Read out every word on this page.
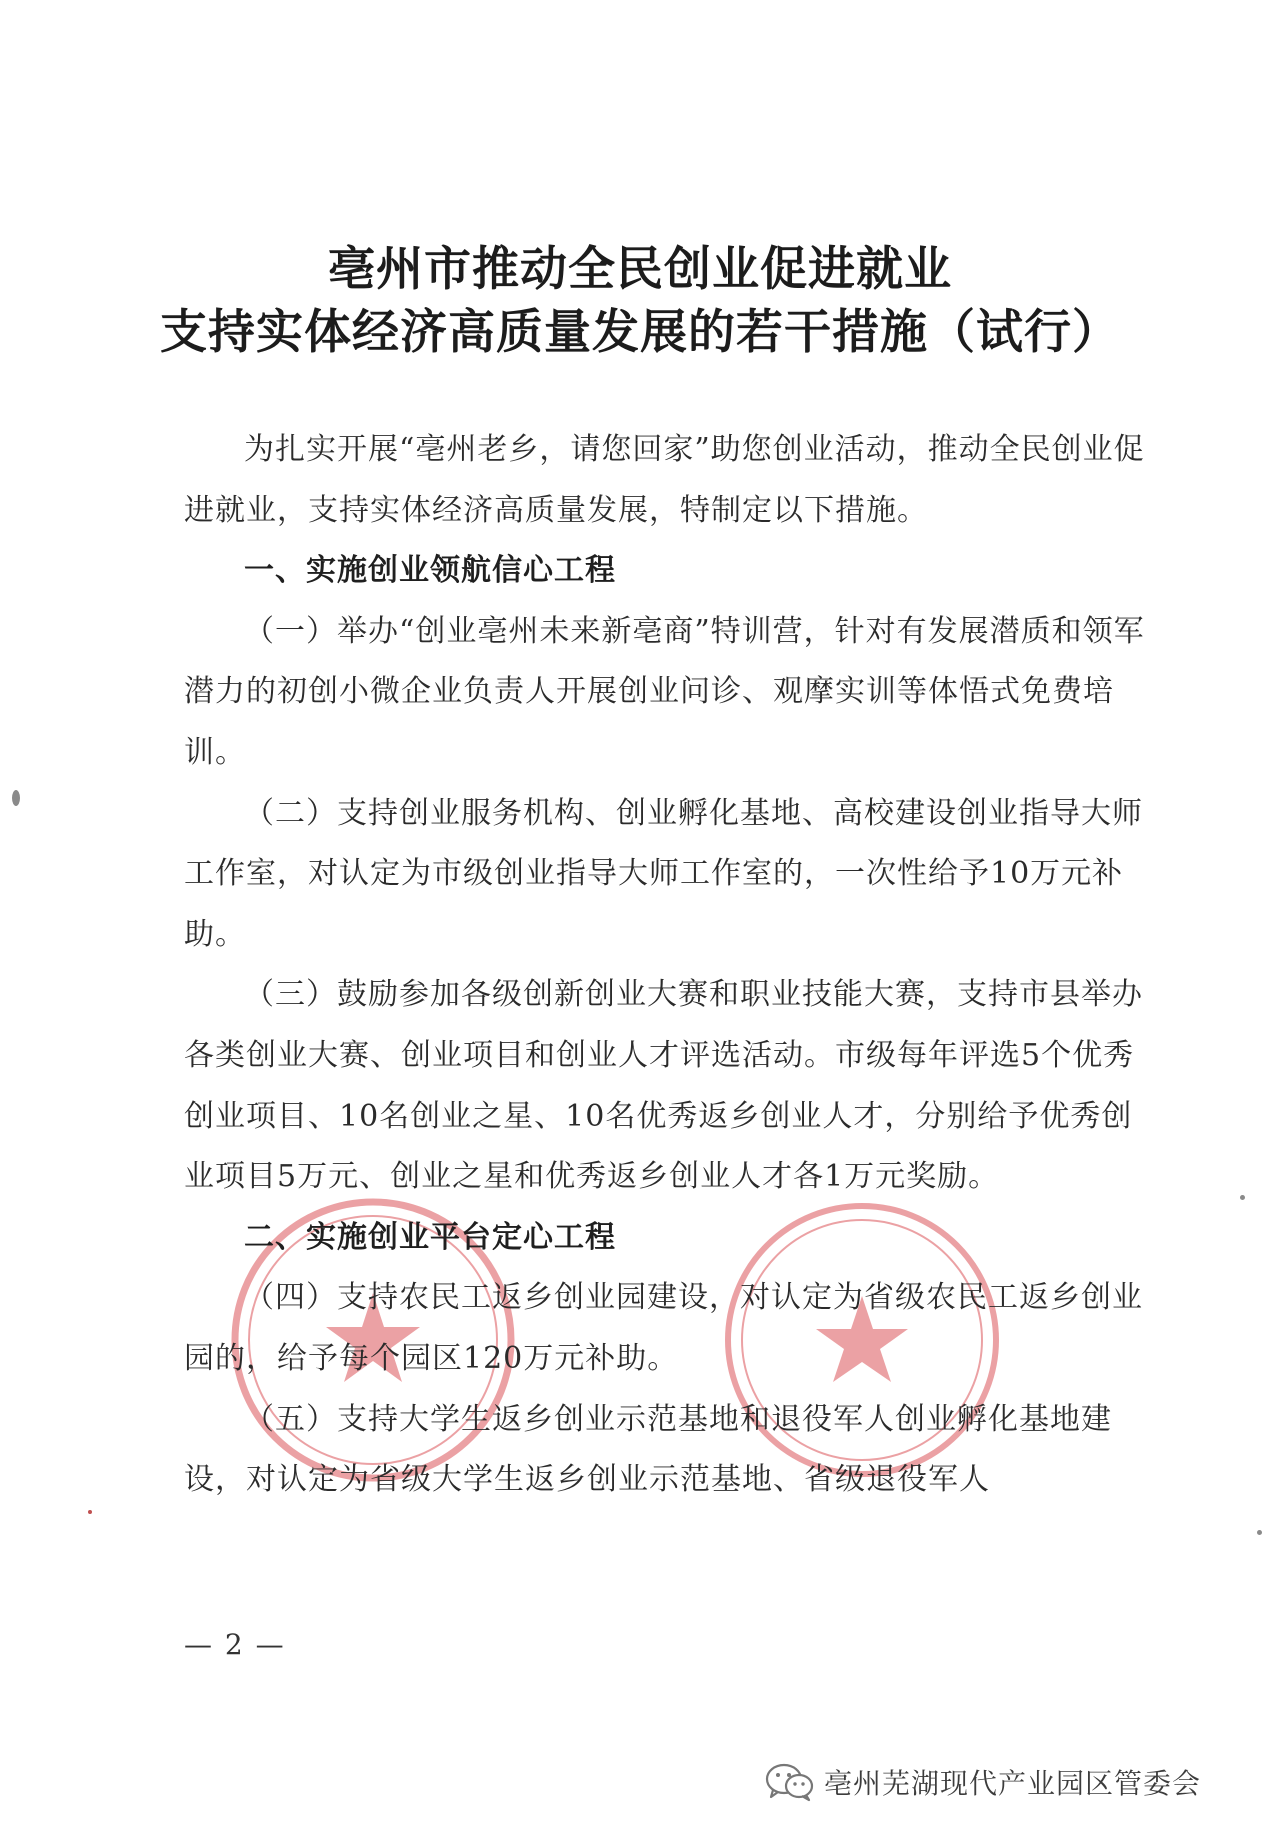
亳州市推动全民创业促进就业
支持实体经济高质量发展的若干措施（试行）

为扎实开展“亳州老乡，请您回家”助您创业活动，推动全民创业促进就业，支持实体经济高质量发展，特制定以下措施。

一、实施创业领航信心工程

（一）举办“创业亳州未来新亳商”特训营，针对有发展潜质和领军潜力的初创小微企业负责人开展创业问诊、观摩实训等体悟式免费培训。

（二）支持创业服务机构、创业孵化基地、高校建设创业指导大师工作室，对认定为市级创业指导大师工作室的，一次性给予10万元补助。

（三）鼓励参加各级创新创业大赛和职业技能大赛，支持市县举办各类创业大赛、创业项目和创业人才评选活动。市级每年评选5个优秀创业项目、10名创业之星、10名优秀返乡创业人才，分别给予优秀创业项目5万元、创业之星和优秀返乡创业人才各1万元奖励。

二、实施创业平台定心工程

（四）支持农民工返乡创业园建设，对认定为省级农民工返乡创业园的，给予每个园区120万元补助。

（五）支持大学生返乡创业示范基地和退役军人创业孵化基地建设，对认定为省级大学生返乡创业示范基地、省级退役军人

— 2 —
亳州芜湖现代产业园区管委会
